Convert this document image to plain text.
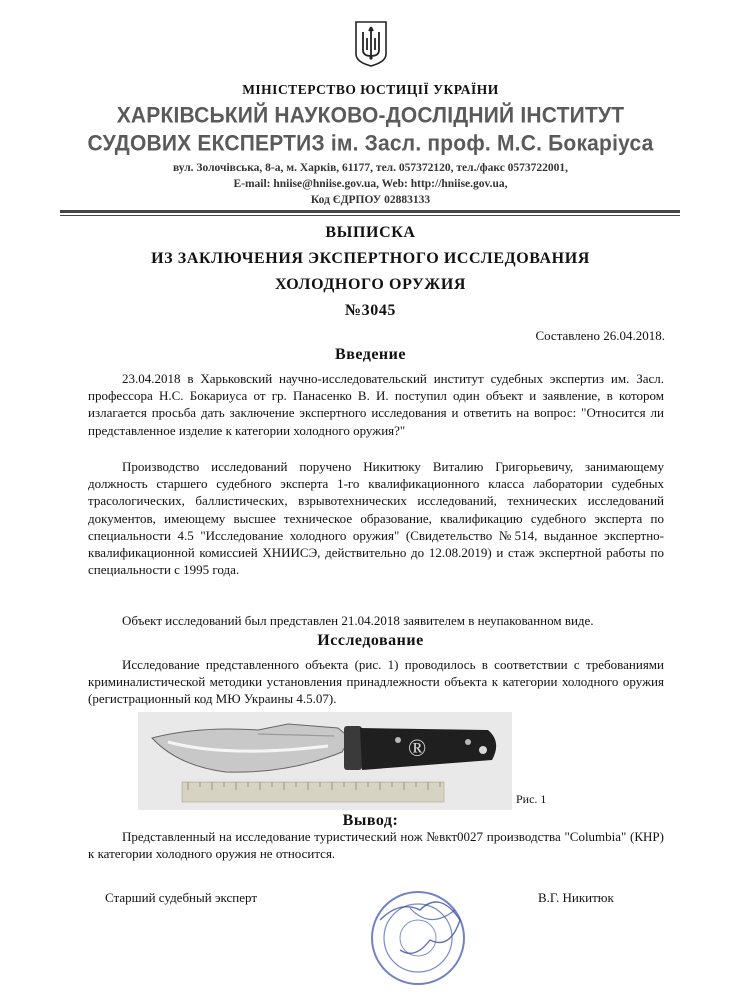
МІНІСТЕРСТВО ЮСТИЦІЇ УКРАЇНИ
ХАРКІВСЬКИЙ НАУКОВО-ДОСЛІДНИЙ ІНСТИТУТ
СУДОВИХ ЕКСПЕРТИЗ ім. Засл. проф. М.С. Бокаріуса
вул. Золочівська, 8-а, м. Харків, 61177, тел. 057372120, тел./факс 0573722001,
E-mail: hniise@hniise.gov.ua, Web: http://hniise.gov.ua,
Код ЄДРПОУ 02883133
ВЫПИСКА
ИЗ ЗАКЛЮЧЕНИЯ ЭКСПЕРТНОГО ИССЛЕДОВАНИЯ
ХОЛОДНОГО ОРУЖИЯ
№3045
Составлено 26.04.2018.
Введение
23.04.2018 в Харьковский научно-исследовательский институт судебных экспертиз им. Засл. профессора Н.С. Бокариуса от гр. Панасенко В. И. поступил один объект и заявление, в котором излагается просьба дать заключение экспертного исследования и ответить на вопрос: "Относится ли представленное изделие к категории холодного оружия?"
Производство исследований поручено Никитюку Виталию Григорьевичу, занимающему должность старшего судебного эксперта 1-го квалификационного класса лаборатории судебных трасологических, баллистических, взрывотехнических исследований, технических исследований документов, имеющему высшее техническое образование, квалификацию судебного эксперта по специальности 4.5 "Исследование холодного оружия" (Свидетельство №514, выданное экспертно-квалификационной комиссией ХНИИСЭ, действительно до 12.08.2019) и стаж экспертной работы по специальности с 1995 года.
Объект исследований был представлен 21.04.2018 заявителем в неупакованном виде.
Исследование
Исследование представленного объекта (рис. 1) проводилось в соответствии с требованиями криминалистической методики установления принадлежности объекта к категории холодного оружия (регистрационный код МЮ Украины 4.5.07).
®
Рис. 1
Вывод:
Представленный на исследование туристический нож №вкт0027 производства "Columbia" (КНР) к категории холодного оружия не относится.
Старший судебный эксперт	В.Г. Никитюк
